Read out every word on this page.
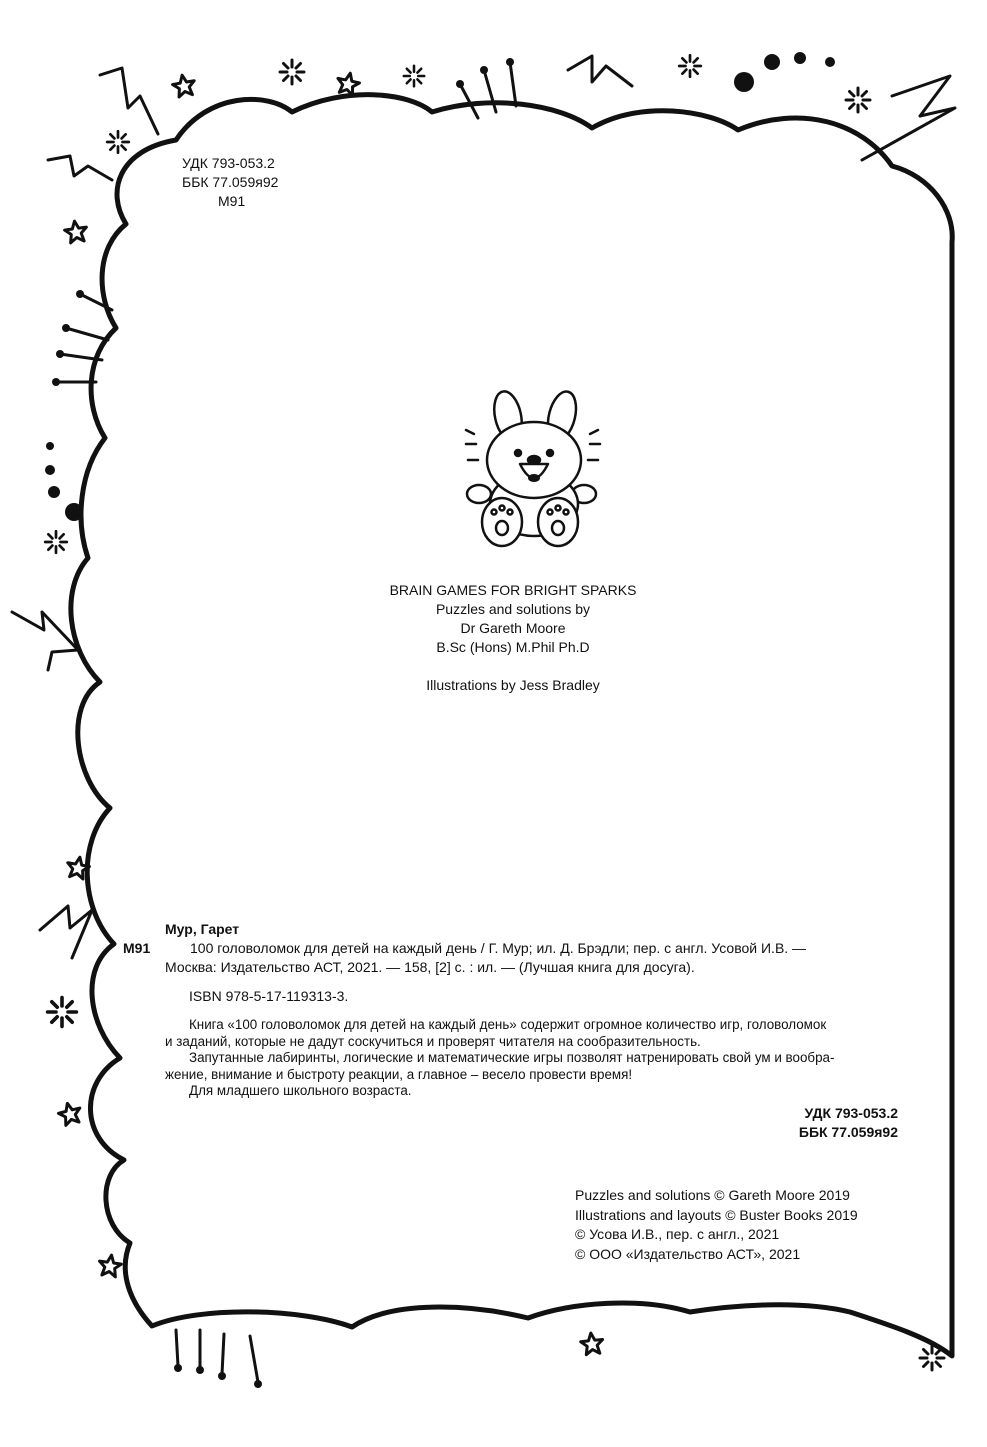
УДК 793-053.2
ББК 77.059я92
М91
BRAIN GAMES FOR BRIGHT SPARKS
Puzzles and solutions by
Dr Gareth Moore
B.Sc (Hons) M.Phil Ph.D
Illustrations by Jess Bradley
Мур, Гарет
М91	100 головоломок для детей на каждый день / Г. Мур; ил. Д. Брэдли; пер. с англ. Усовой И.В. —
Москва: Издательство АСТ, 2021. — 158, [2] с. : ил. — (Лучшая книга для досуга).
ISBN 978-5-17-119313-3.
Книга «100 головоломок для детей на каждый день» содержит огромное количество игр, головоломок
и заданий, которые не дадут соскучиться и проверят читателя на сообразительность.
Запутанные лабиринты, логические и математические игры позволят натренировать свой ум и вообра-
жение, внимание и быстроту реакции, а главное – весело провести время!
Для младшего школьного возраста.
УДК 793-053.2
ББК 77.059я92
Puzzles and solutions © Gareth Moore 2019
Illustrations and layouts © Buster Books 2019
© Усова И.В., пер. с англ., 2021
© ООО «Издательство АСТ», 2021
